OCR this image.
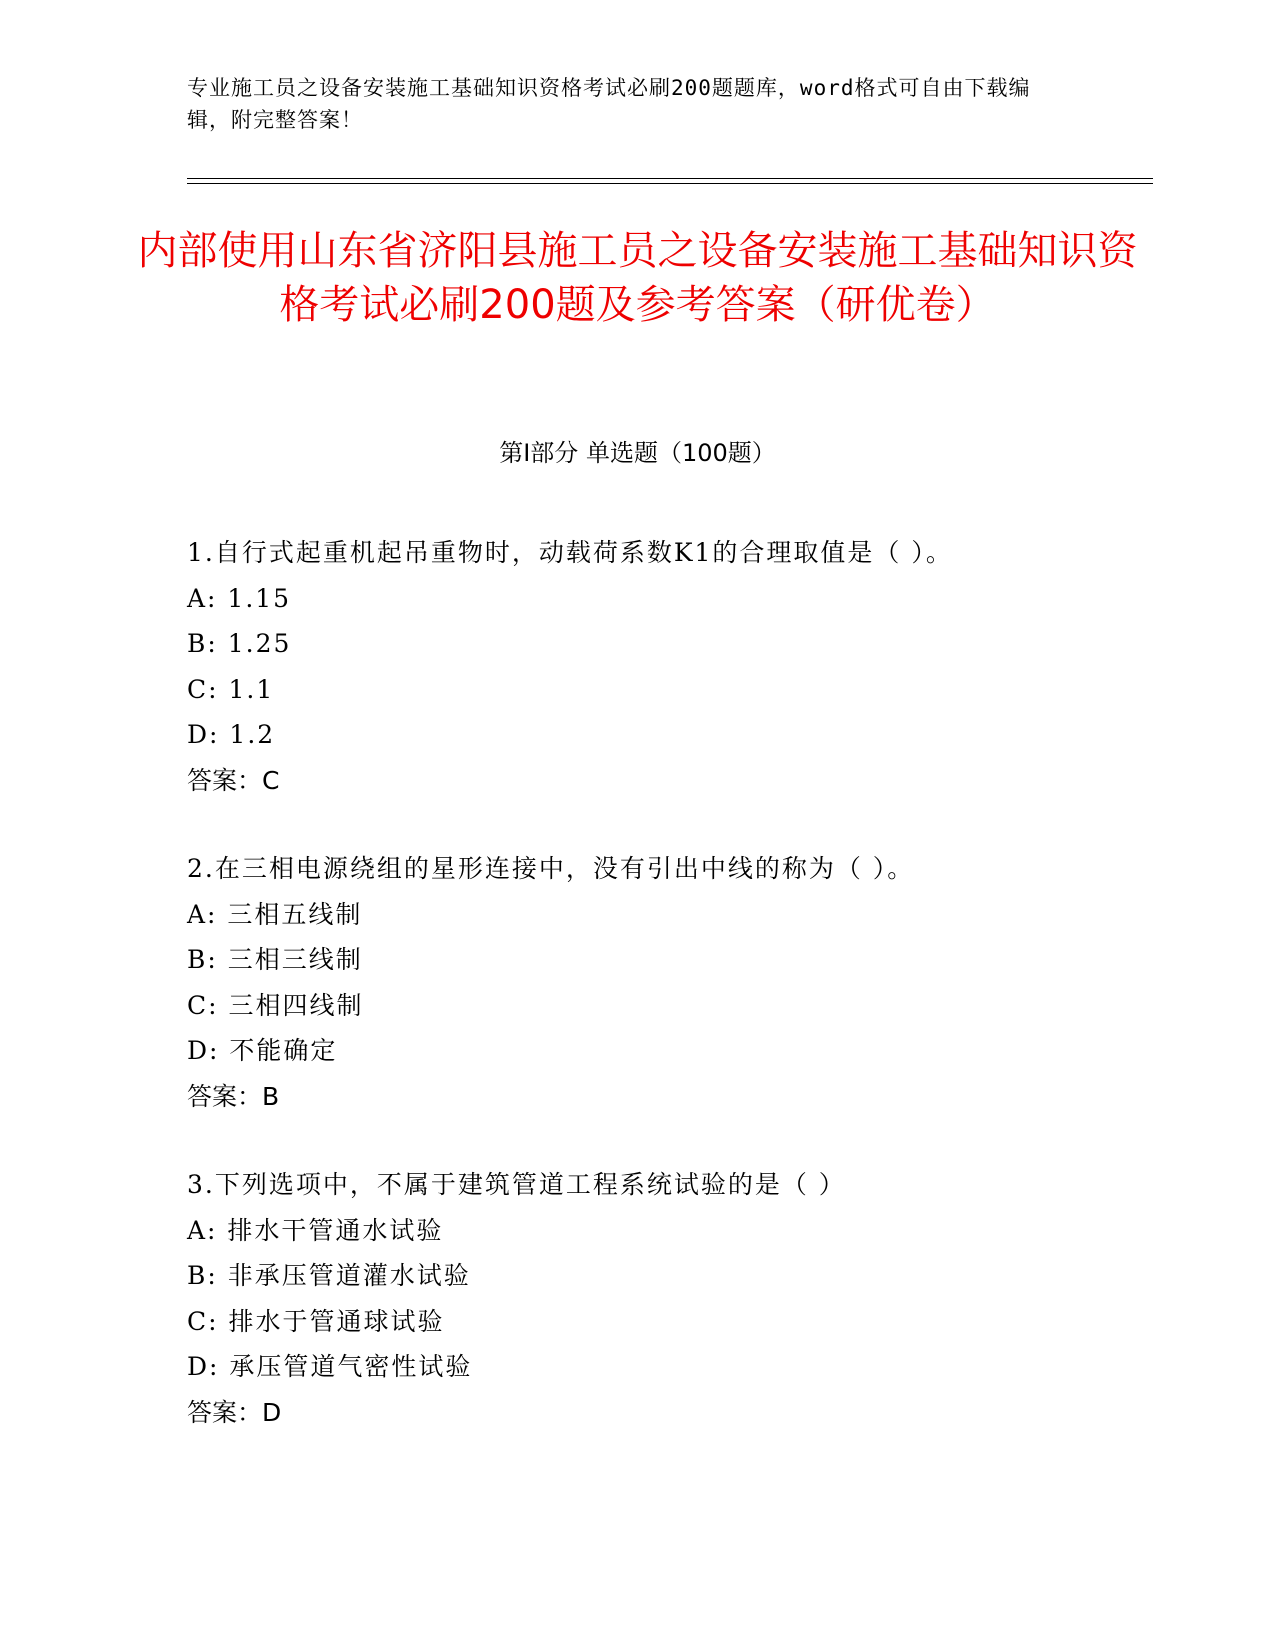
专业施工员之设备安装施工基础知识资格考试必刷200题题库，word格式可自由下载编辑，附完整答案！
内部使用山东省济阳县施工员之设备安装施工基础知识资格考试必刷200题及参考答案（研优卷）
第Ⅰ部分 单选题（100题）
1.自行式起重机起吊重物时，动载荷系数K1的合理取值是（ ）。
A: 1.15
B: 1.25
C: 1.1
D: 1.2
答案：C
2.在三相电源绕组的星形连接中，没有引出中线的称为（ ）。
A: 三相五线制
B: 三相三线制
C: 三相四线制
D: 不能确定
答案：B
3.下列选项中，不属于建筑管道工程系统试验的是（ ）
A: 排水干管通水试验
B: 非承压管道灌水试验
C: 排水于管通球试验
D: 承压管道气密性试验
答案：D
